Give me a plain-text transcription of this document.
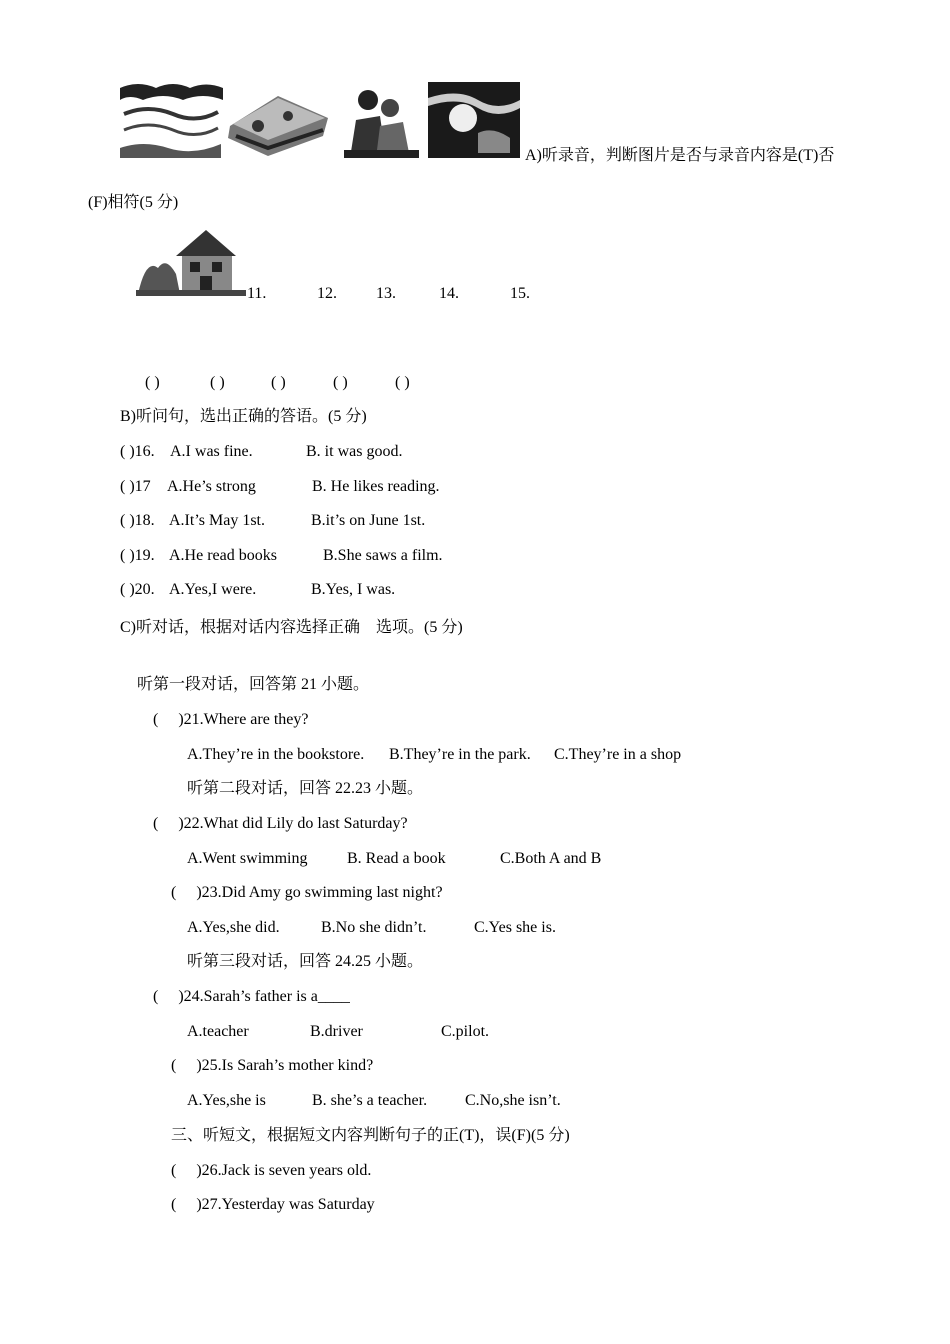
A)听录音，判断图片是否与录音内容是(T)否
(F)相符(5 分)
11.	12. 13.	14.	15.
( )	( )	( )	( )	( )
B)听问句，选出正确的答语。(5 分)
( )16. A.I was fine.	B. it was good.
( )17 A.He’s strong	B. He likes reading.
( )18. A.It’s May 1st.	B.it’s on June 1st.
( )19. A.He read books	B.She saws a film.
( )20. A.Yes,I were.	B.Yes, I was.
C)听对话，根据对话内容选择正确    选项。(5 分)
听第一段对话，回答第 21 小题。
(     )21.Where are they?
A.They’re in the bookstore. B.They’re in the park. C.They’re in a shop
听第二段对话，回答 22.23 小题。
(     )22.What did Lily do last Saturday?
A.Went swimming B. Read a book	C.Both A and B
(     )23.Did Amy go swimming last night?
A.Yes,she did.	B.No she didn’t.	C.Yes she is.
听第三段对话，回答 24.25 小题。
(     )24.Sarah’s father is a____
A.teacher	B.driver	C.pilot.
(     )25.Is Sarah’s mother kind?
A.Yes,she is	B. she’s a teacher. C.No,she isn’t.
三、听短文，根据短文内容判断句子的正(T)，误(F)(5 分)
(     )26.Jack is seven years old.
(     )27.Yesterday was Saturday
